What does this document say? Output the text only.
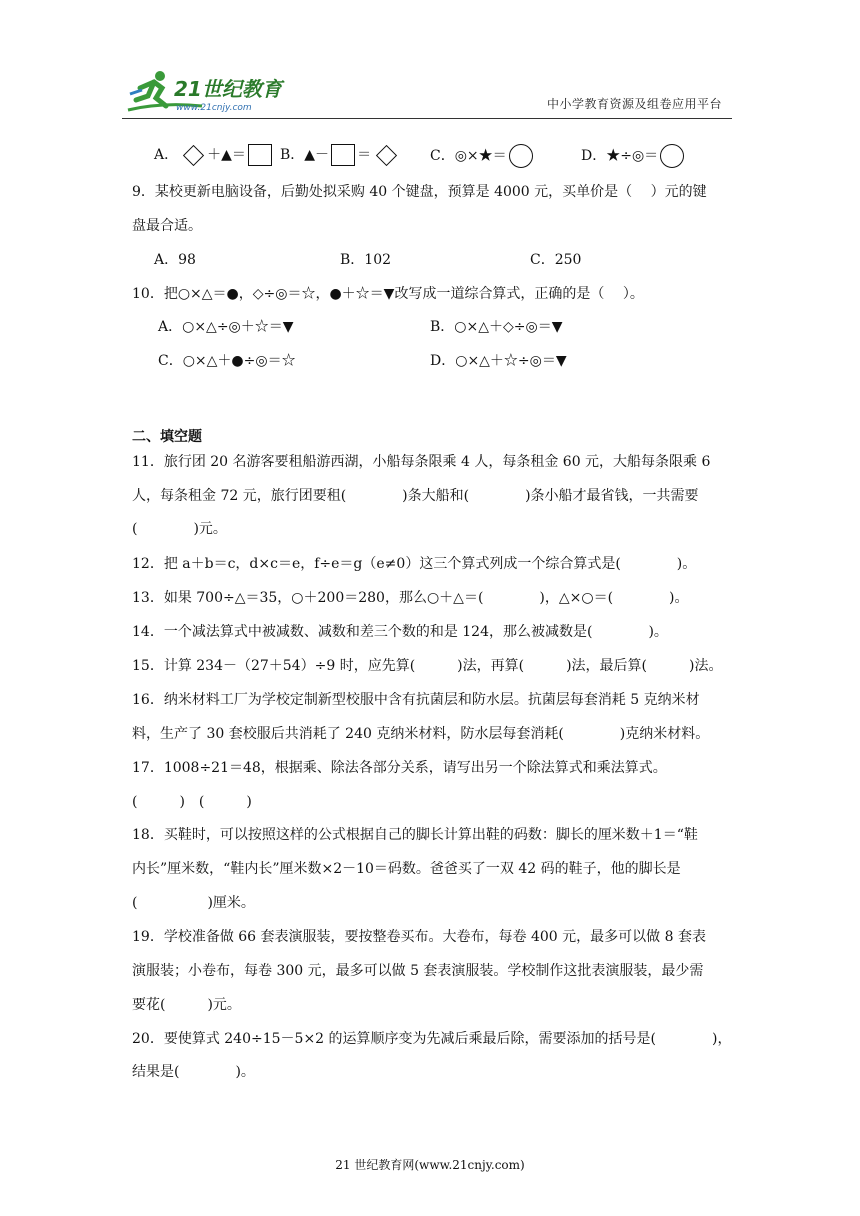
21世纪教育
www.21cnjy.com	中小学教育资源及组卷应用平台
A． ＋▲＝ B．▲－ ＝	C．◎×★＝	D．★÷◎＝
9．某校更新电脑设备，后勤处拟采购 40 个键盘，预算是 4000 元，买单价是（　 ）元的键
盘最合适。
A．98	B．102	C．250
10．把○×△＝●，◇÷◎＝☆，●＋☆＝▼改写成一道综合算式，正确的是（　 ）。
A．○×△÷◎＋☆＝▼	B．○×△＋◇÷◎＝▼
C．○×△＋●÷◎＝☆	D．○×△＋☆÷◎＝▼
二、填空题
11．旅行团 20 名游客要租船游西湖，小船每条限乘 4 人，每条租金 60 元，大船每条限乘 6
人，每条租金 72 元，旅行团要租(　　　　)条大船和(　　　　)条小船才最省钱，一共需要
(　　　　)元。
12．把 a＋b＝c，d×c＝e，f÷e＝g（e≠0）这三个算式列成一个综合算式是(　　　　)。
13．如果 700÷△＝35，○＋200＝280，那么○＋△＝(　　　　)，△×○＝(　　　　)。
14．一个减法算式中被减数、减数和差三个数的和是 124，那么被减数是(　　　　)。
15．计算 234－（27＋54）÷9 时，应先算(　　　)法，再算(　　　)法，最后算(　　　)法。
16．纳米材料工厂为学校定制新型校服中含有抗菌层和防水层。抗菌层每套消耗 5 克纳米材
料，生产了 30 套校服后共消耗了 240 克纳米材料，防水层每套消耗(　　　　)克纳米材料。
17．1008÷21＝48，根据乘、除法各部分关系，请写出另一个除法算式和乘法算式。
(　　　)　(　　　)
18．买鞋时，可以按照这样的公式根据自己的脚长计算出鞋的码数：脚长的厘米数＋1＝“鞋
内长”厘米数，“鞋内长”厘米数×2－10＝码数。爸爸买了一双 42 码的鞋子，他的脚长是
(　　　　　)厘米。
19．学校准备做 66 套表演服装，要按整卷买布。大卷布，每卷 400 元，最多可以做 8 套表
演服装；小卷布，每卷 300 元，最多可以做 5 套表演服装。学校制作这批表演服装，最少需
要花(　　　)元。
20．要使算式 240÷15－5×2 的运算顺序变为先减后乘最后除，需要添加的括号是(　　　　)，
结果是(　　　　)。
21 世纪教育网(www.21cnjy.com)
